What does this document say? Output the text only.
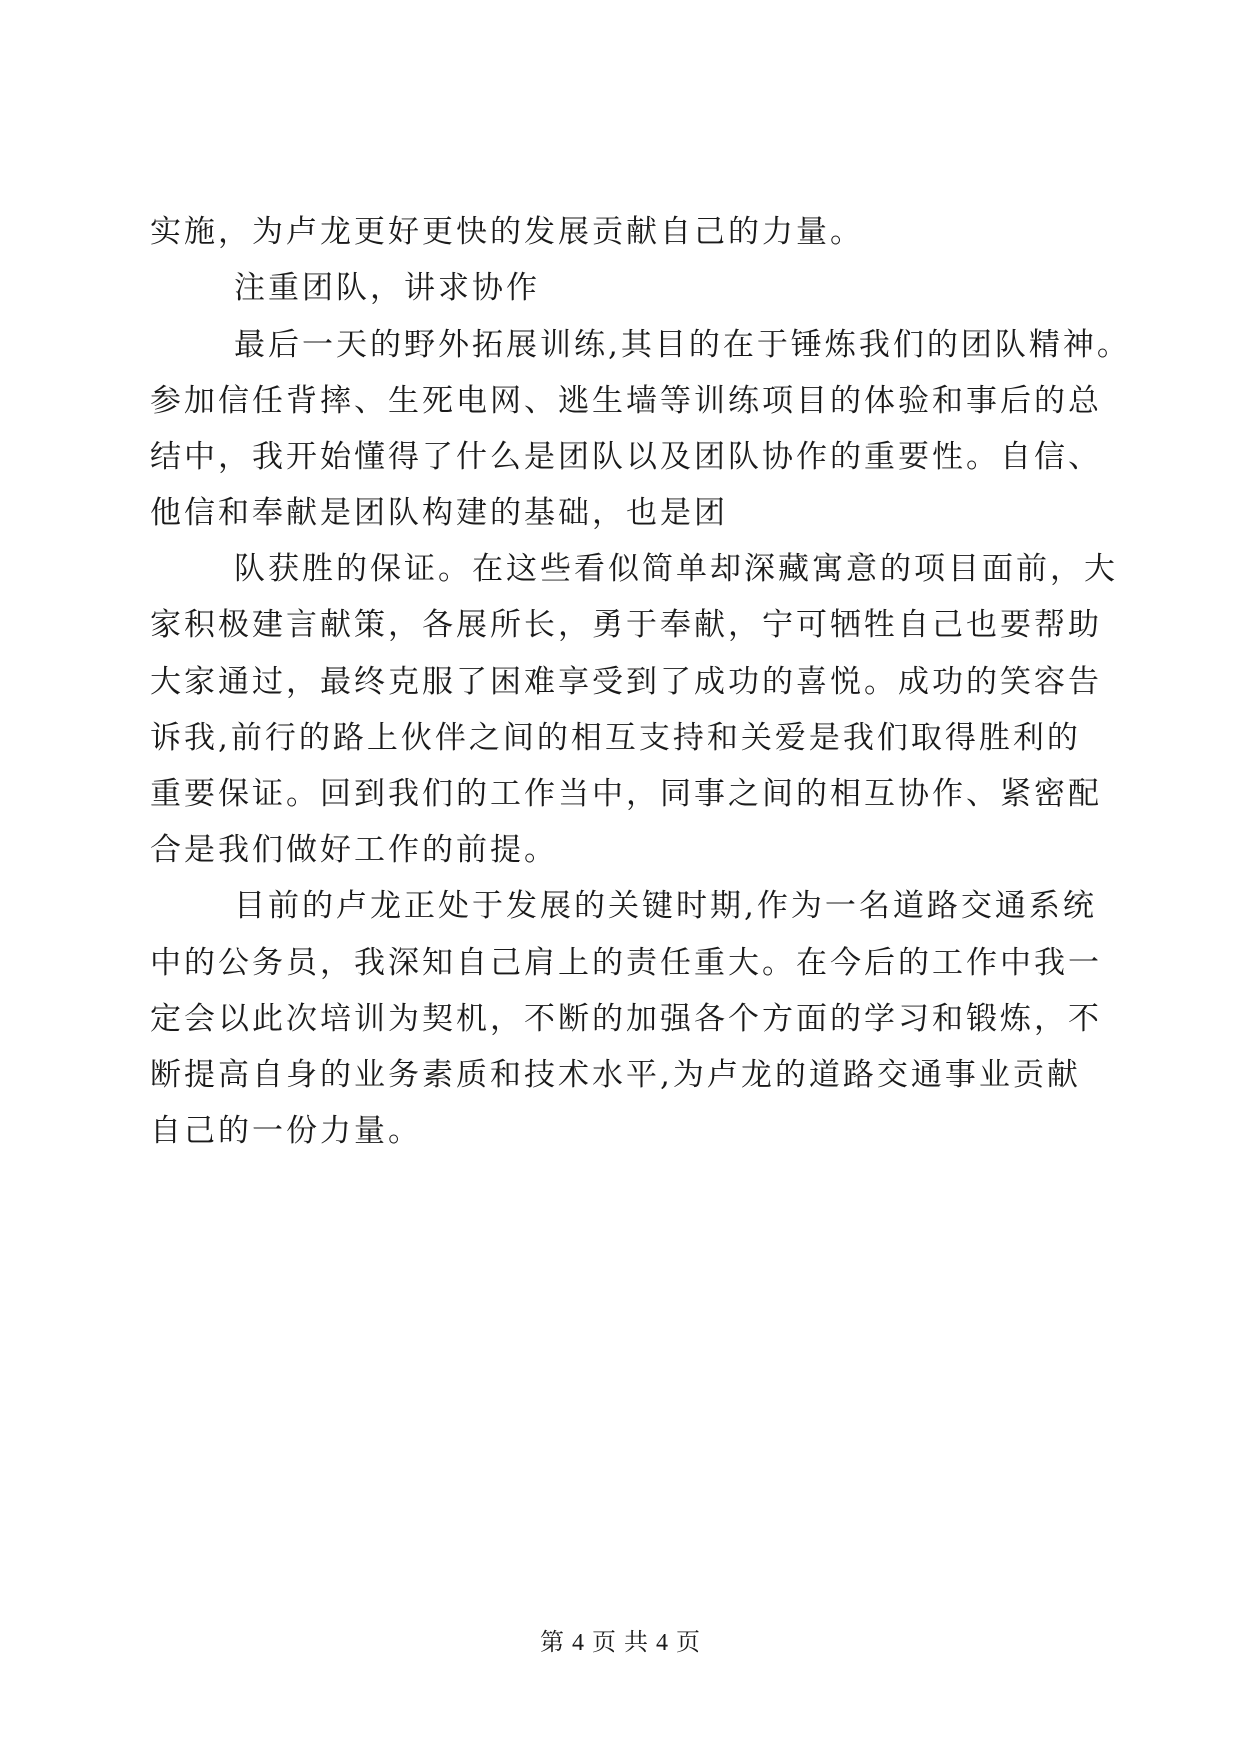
实施，为卢龙更好更快的发展贡献自己的力量。
注重团队，讲求协作
最后一天的野外拓展训练,其目的在于锤炼我们的团队精神。
参加信任背摔、生死电网、逃生墙等训练项目的体验和事后的总
结中，我开始懂得了什么是团队以及团队协作的重要性。自信、
他信和奉献是团队构建的基础，也是团
队获胜的保证。在这些看似简单却深藏寓意的项目面前，大
家积极建言献策，各展所长，勇于奉献，宁可牺牲自己也要帮助
大家通过，最终克服了困难享受到了成功的喜悦。成功的笑容告
诉我,前行的路上伙伴之间的相互支持和关爱是我们取得胜利的
重要保证。回到我们的工作当中，同事之间的相互协作、紧密配
合是我们做好工作的前提。
目前的卢龙正处于发展的关键时期,作为一名道路交通系统
中的公务员，我深知自己肩上的责任重大。在今后的工作中我一
定会以此次培训为契机，不断的加强各个方面的学习和锻炼，不
断提高自身的业务素质和技术水平,为卢龙的道路交通事业贡献
自己的一份力量。
第 4 页 共 4 页
